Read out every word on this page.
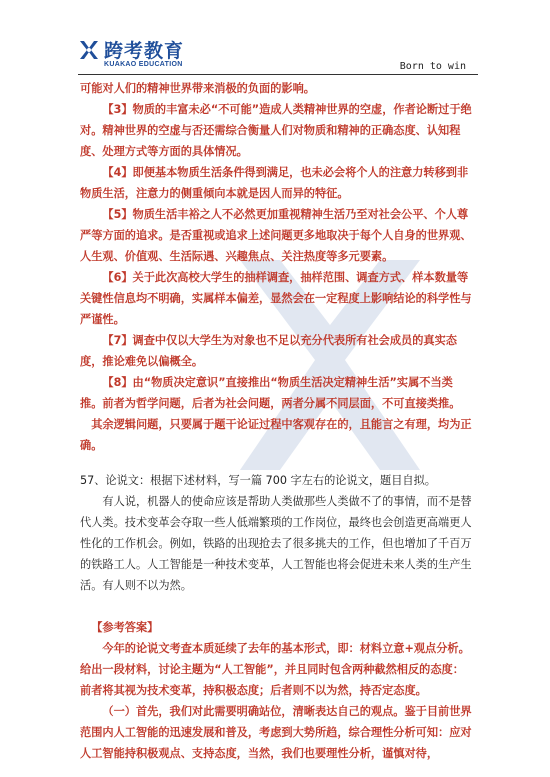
跨考教育
KUAKAO EDUCATION	Born to win

可能对人们的精神世界带来消极的负面的影响。

【3】物质的丰富未必“不可能”造成人类精神世界的空虚，作者论断过于绝对。精神世界的空虚与否还需综合衡量人们对物质和精神的正确态度、认知程度、处理方式等方面的具体情况。

【4】即便基本物质生活条件得到满足，也未必会将个人的注意力转移到非物质生活，注意力的侧重倾向本就是因人而异的特征。

【5】物质生活丰裕之人不必然更加重视精神生活乃至对社会公平、个人尊严等方面的追求。是否重视或追求上述问题更多地取决于每个人自身的世界观、人生观、价值观、生活际遇、兴趣焦点、关注热度等多元要素。

【6】关于此次高校大学生的抽样调查，抽样范围、调查方式、样本数量等关键性信息均不明确，实属样本偏差，显然会在一定程度上影响结论的科学性与严谨性。

【7】调查中仅以大学生为对象也不足以充分代表所有社会成员的真实态度，推论难免以偏概全。

【8】由“物质决定意识”直接推出“物质生活决定精神生活”实属不当类推。前者为哲学问题，后者为社会问题，两者分属不同层面，不可直接类推。

其余逻辑问题，只要属于题干论证过程中客观存在的，且能言之有理，均为正确。

57、论说文：根据下述材料，写一篇 700 字左右的论说文，题目自拟。

有人说，机器人的使命应该是帮助人类做那些人类做不了的事情，而不是替代人类。技术变革会夺取一些人低端繁琐的工作岗位，最终也会创造更高端更人性化的工作机会。例如，铁路的出现抢去了很多挑夫的工作，但也增加了千百万的铁路工人。人工智能是一种技术变革，人工智能也将会促进未来人类的生产生活。有人则不以为然。

【参考答案】

今年的论说文考查本质延续了去年的基本形式，即：材料立意+观点分析。给出一段材料，讨论主题为“人工智能”，并且同时包含两种截然相反的态度：前者将其视为技术变革，持积极态度；后者则不以为然，持否定态度。

（一）首先，我们对此需要明确站位，清晰表达自己的观点。鉴于目前世界范围内人工智能的迅速发展和普及，考虑到大势所趋，综合理性分析可知：应对人工智能持积极观点、支持态度，当然，我们也要理性分析，谨慎对待，
